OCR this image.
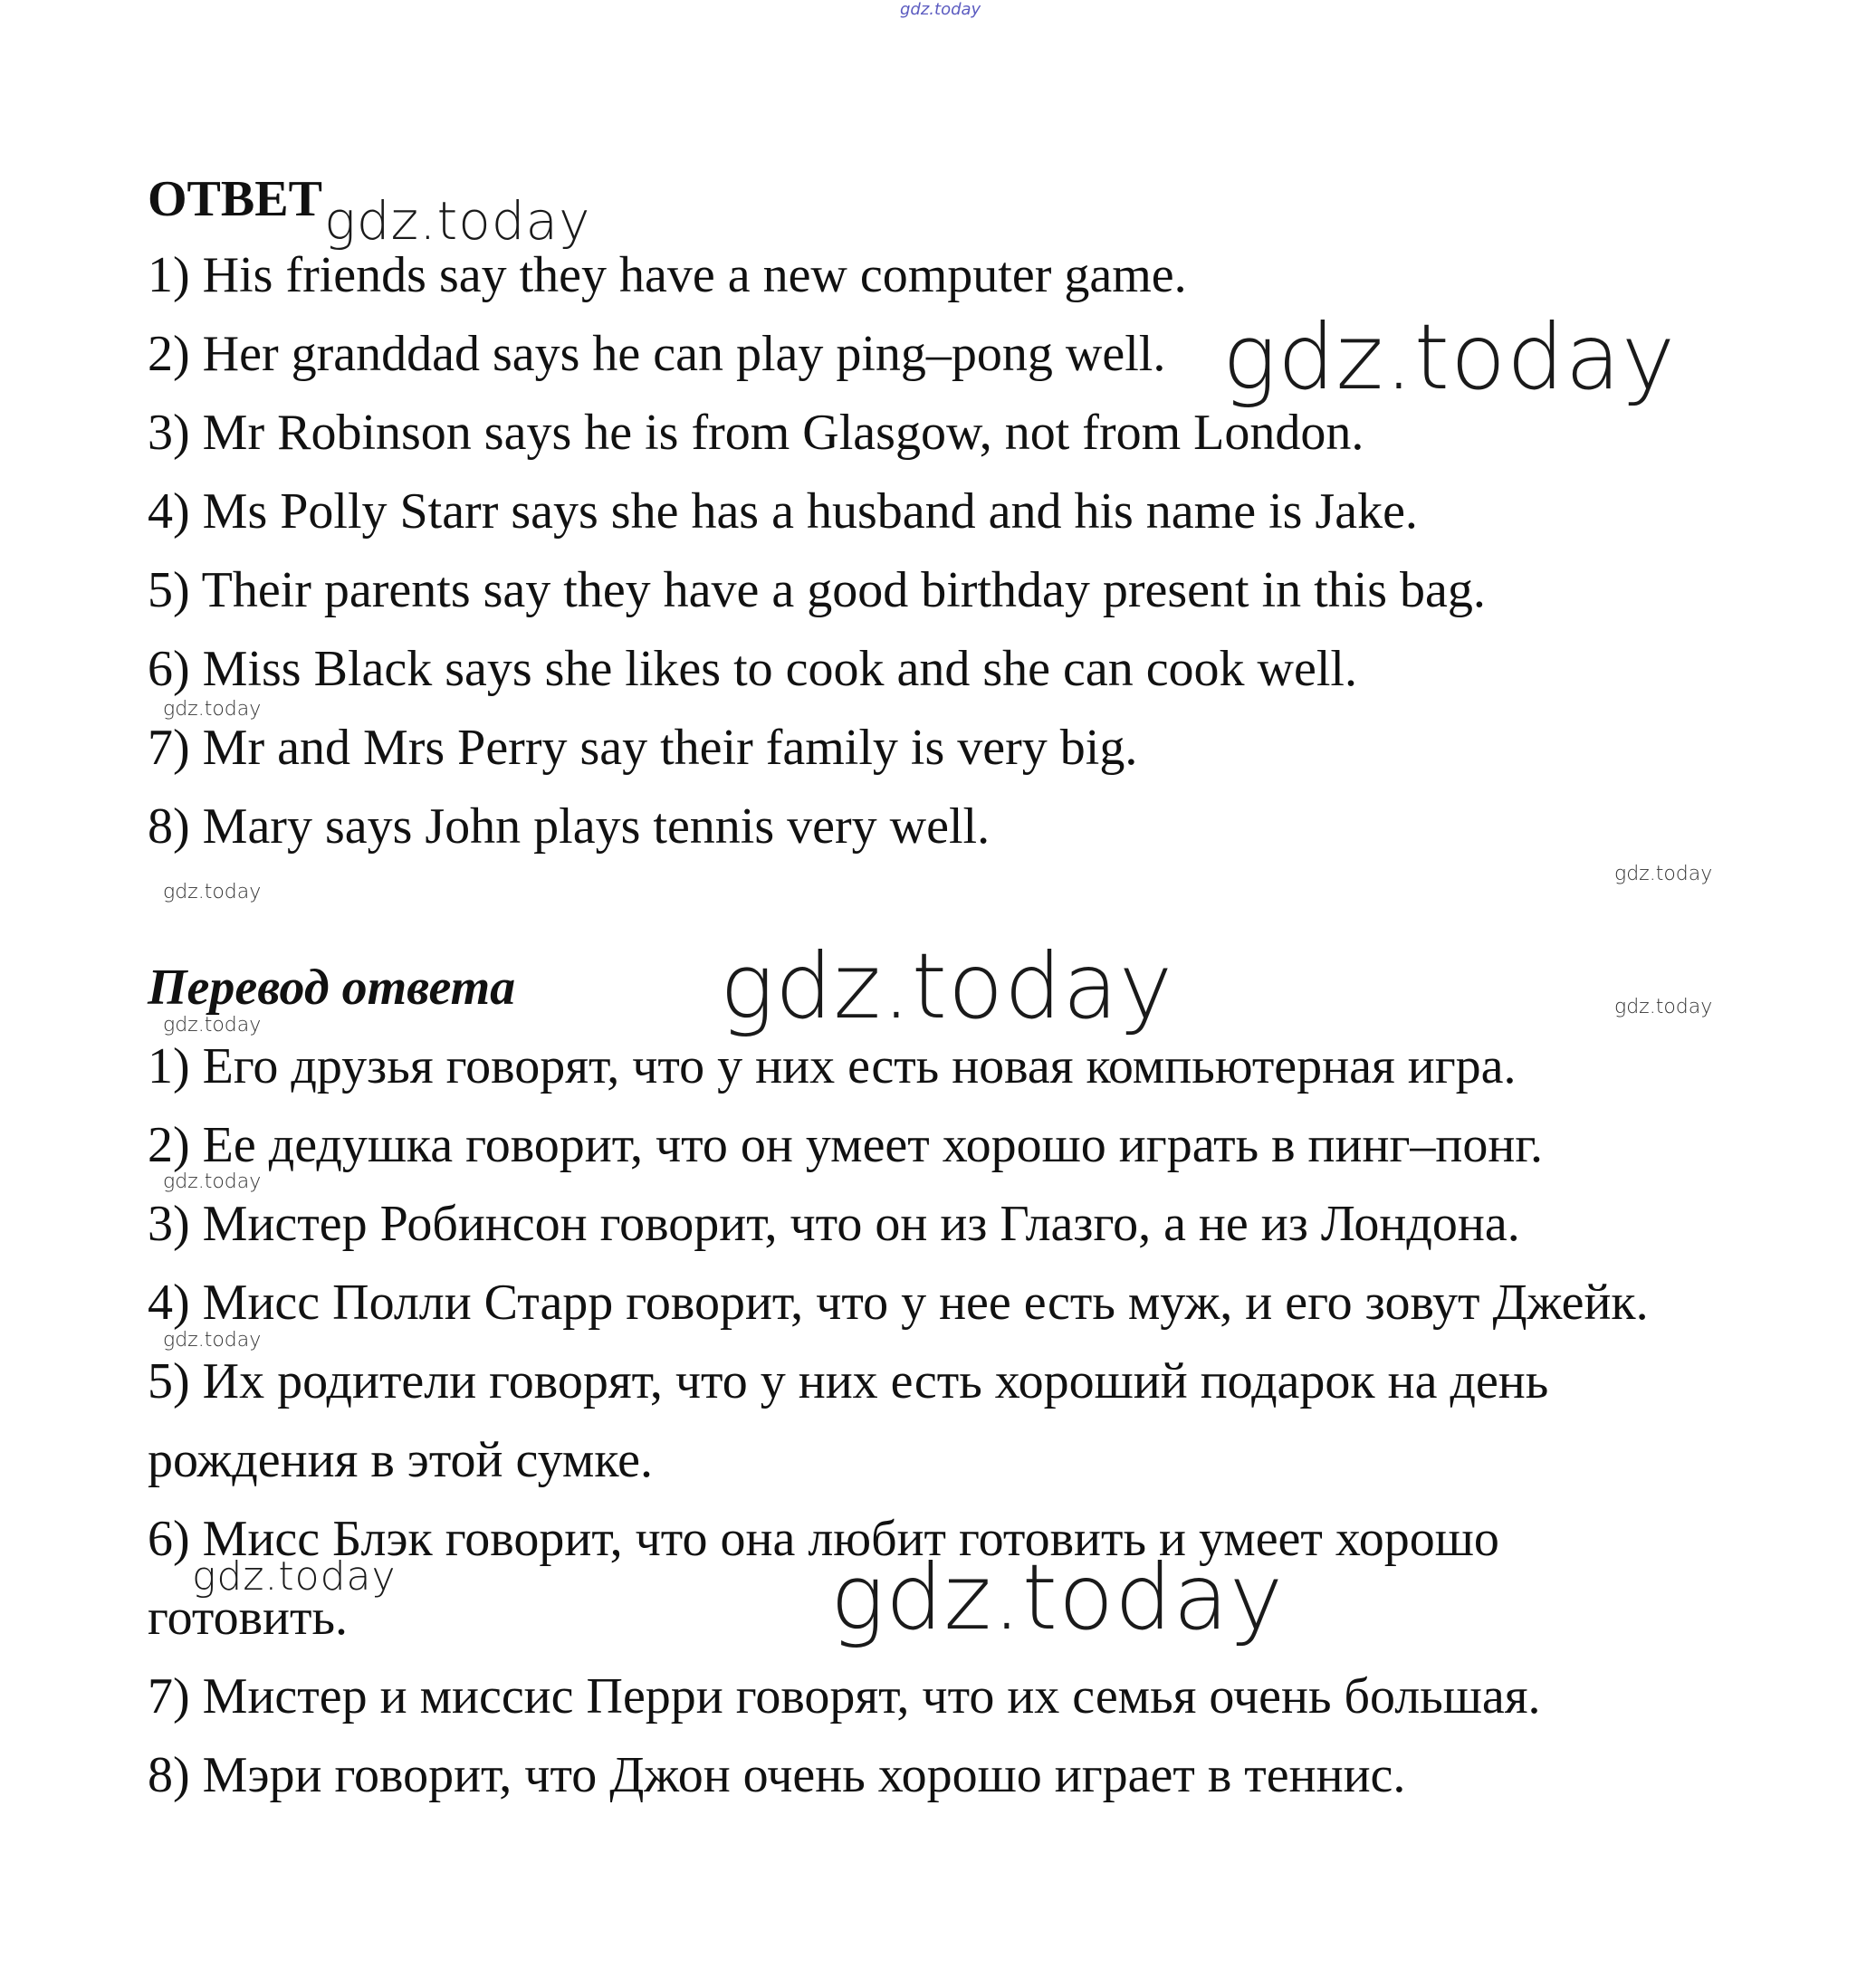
gdz.today
gdz.today
gdz.today
gdz.today
gdz.today
gdz.today
gdz.today	gdz.today
gdz.today
gdz.today
gdz.today
gdz.today	gdz.today
ОТВЕТ
1) His friends say they have a new computer game.
2) Her granddad says he can play ping–pong well.
3) Mr Robinson says he is from Glasgow, not from London.
4) Ms Polly Starr says she has a husband and his name is Jake.
5) Their parents say they have a good birthday present in this bag.
6) Miss Black says she likes to cook and she can cook well.
7) Mr and Mrs Perry say their family is very big.
8) Mary says John plays tennis very well.
Перевод ответа
1) Его друзья говорят, что у них есть новая компьютерная игра.
2) Ее дедушка говорит, что он умеет хорошо играть в пинг–понг.
3) Мистер Робинсон говорит, что он из Глазго, а не из Лондона.
4) Мисс Полли Старр говорит, что у нее есть муж, и его зовут Джейк.
5) Их родители говорят, что у них есть хороший подарок на день
рождения в этой сумке.
6) Мисс Блэк говорит, что она любит готовить и умеет хорошо
готовить.
7) Мистер и миссис Перри говорят, что их семья очень большая.
8) Мэри говорит, что Джон очень хорошо играет в теннис.
